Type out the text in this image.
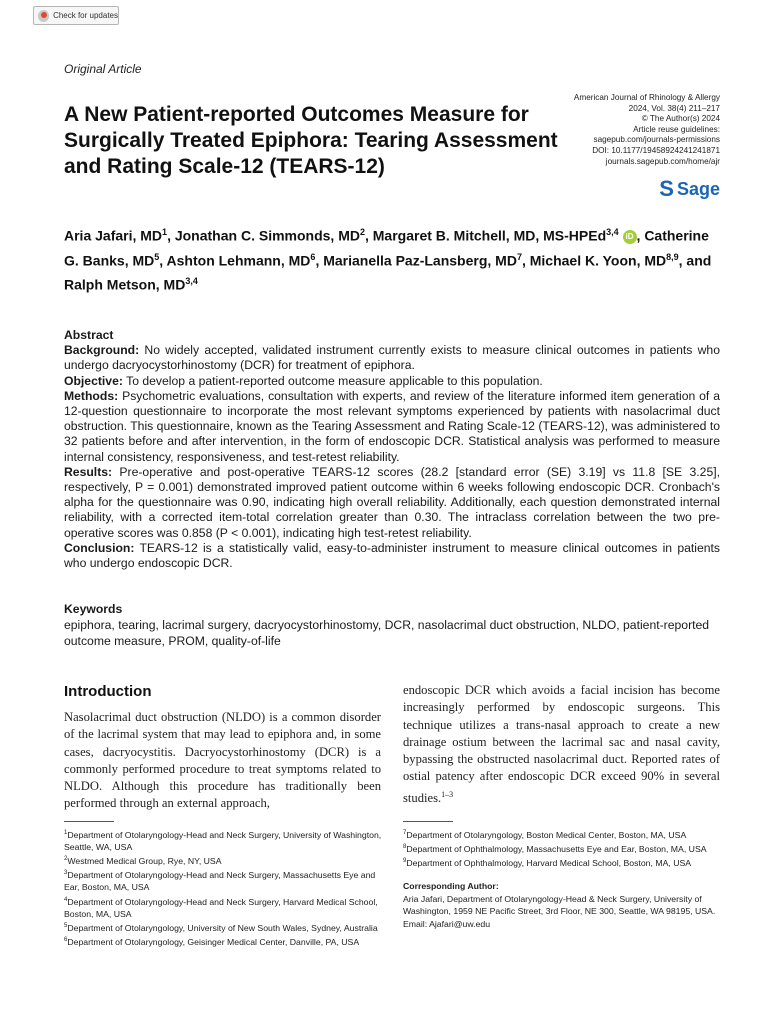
Check for updates
Original Article
A New Patient-reported Outcomes Measure for Surgically Treated Epiphora: Tearing Assessment and Rating Scale-12 (TEARS-12)
American Journal of Rhinology & Allergy
2024, Vol. 38(4) 211–217
© The Author(s) 2024
Article reuse guidelines:
sagepub.com/journals-permissions
DOI: 10.1177/19458924241241871
journals.sagepub.com/home/ajr
S Sage
Aria Jafari, $MD^1$, Jonathan C. Simmonds, $MD^2$, Margaret B. Mitchell, MD, MS-HPEd$^{3,4}$ iD , Catherine G. Banks, $MD^5$, Ashton Lehmann, $MD^6$, Marianella Paz-Lansberg, $MD^7$, Michael K. Yoon, MD$^{8,9}$, and Ralph Metson, MD$^{3,4}$
Abstract

Background: No widely accepted, validated instrument currently exists to measure clinical outcomes in patients who undergo dacryocystorhinostomy (DCR) for treatment of epiphora.

Objective: To develop a patient-reported outcome measure applicable to this population.

Methods: Psychometric evaluations, consultation with experts, and review of the literature informed item generation of a 12-question questionnaire to incorporate the most relevant symptoms experienced by patients with nasolacrimal duct obstruction. This questionnaire, known as the Tearing Assessment and Rating Scale-12 (TEARS-12), was administered to 32 patients before and after intervention, in the form of endoscopic DCR. Statistical analysis was performed to measure internal consistency, responsiveness, and test-retest reliability.

Results: Pre-operative and post-operative TEARS-12 scores (28.2 [standard error (SE) 3.19] vs 11.8 [SE 3.25], respectively, P = 0.001) demonstrated improved patient outcome within 6 weeks following endoscopic DCR. Cronbach's alpha for the questionnaire was 0.90, indicating high overall reliability. Additionally, each question demonstrated internal reliability, with a corrected item-total correlation greater than 0.30. The intraclass correlation between the two pre-operative scores was 0.858 (P < 0.001), indicating high test-retest reliability.

Conclusion: TEARS-12 is a statistically valid, easy-to-administer instrument to measure clinical outcomes in patients who undergo endoscopic DCR.

Keywords
epiphora, tearing, lacrimal surgery, dacryocystorhinostomy, DCR, nasolacrimal duct obstruction, NLDO, patient-reported outcome measure, PROM, quality-of-life
Introduction
Nasolacrimal duct obstruction (NLDO) is a common disorder of the lacrimal system that may lead to epiphora and, in some cases, dacryocystitis. Dacryocystorhinostomy (DCR) is a commonly performed procedure to treat symptoms related to NLDO. Although this procedure has traditionally been performed through an external approach,
endoscopic DCR which avoids a facial incision has become increasingly performed by endoscopic surgeons. This technique utilizes a trans-nasal approach to create a new drainage ostium between the lacrimal sac and nasal cavity, bypassing the obstructed nasolacrimal duct. Reported rates of ostial patency after endoscopic DCR exceed 90% in several studies.$^{1-3}$
$^1$Department of Otolaryngology-Head and Neck Surgery, University of Washington, Seattle, WA, USA
$^2$Westmed Medical Group, Rye, NY, USA
$^3$Department of Otolaryngology-Head and Neck Surgery, Massachusetts Eye and Ear, Boston, MA, USA
$^4$Department of Otolaryngology-Head and Neck Surgery, Harvard Medical School, Boston, MA, USA
$^5$Department of Otolaryngology, University of New South Wales, Sydney, Australia
$^6$Department of Otolaryngology, Geisinger Medical Center, Danville, PA, USA
$^7$Department of Otolaryngology, Boston Medical Center, Boston, MA, USA
$^8$Department of Ophthalmology, Massachusetts Eye and Ear, Boston, MA, USA
$^9$Department of Ophthalmology, Harvard Medical School, Boston, MA, USA
Corresponding Author:
Aria Jafari, Department of Otolaryngology-Head & Neck Surgery, University of Washington, 1959 NE Pacific Street, 3rd Floor, NE 300, Seattle, WA 98195, USA.
Email: Ajafari@uw.edu
